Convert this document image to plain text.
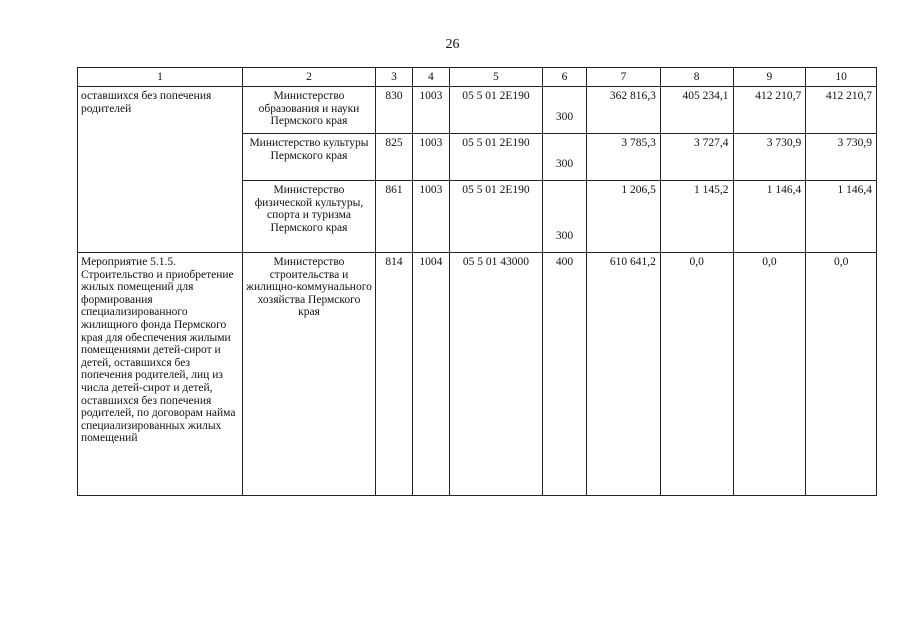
26
1	2	3	4	5	6	7	8	9	10
оставшихся без попечения родителей	Министерство образования и науки Пермского края	830	1003	05 5 01 2Е190	300	362 816,3	405 234,1	412 210,7	412 210,7
	Министерство культуры Пермского края	825	1003	05 5 01 2Е190	300	3 785,3	3 727,4	3 730,9	3 730,9
	Министерство физической культуры, спорта и туризма Пермского края	861	1003	05 5 01 2Е190	300	1 206,5	1 145,2	1 146,4	1 146,4
Мероприятие 5.1.5. Строительство и приобретение жилых помещений для формирования специализированного жилищного фонда Пермского края для обеспечения жилыми помещениями детей-сирот и детей, оставшихся без попечения родителей, лиц из числа детей-сирот и детей, оставшихся без попечения родителей, по договорам найма специализированных жилых помещений	Министерство строительства и жилищно-коммунального хозяйства Пермского края	814	1004	05 5 01 43000	400	610 641,2	0,0	0,0	0,0
